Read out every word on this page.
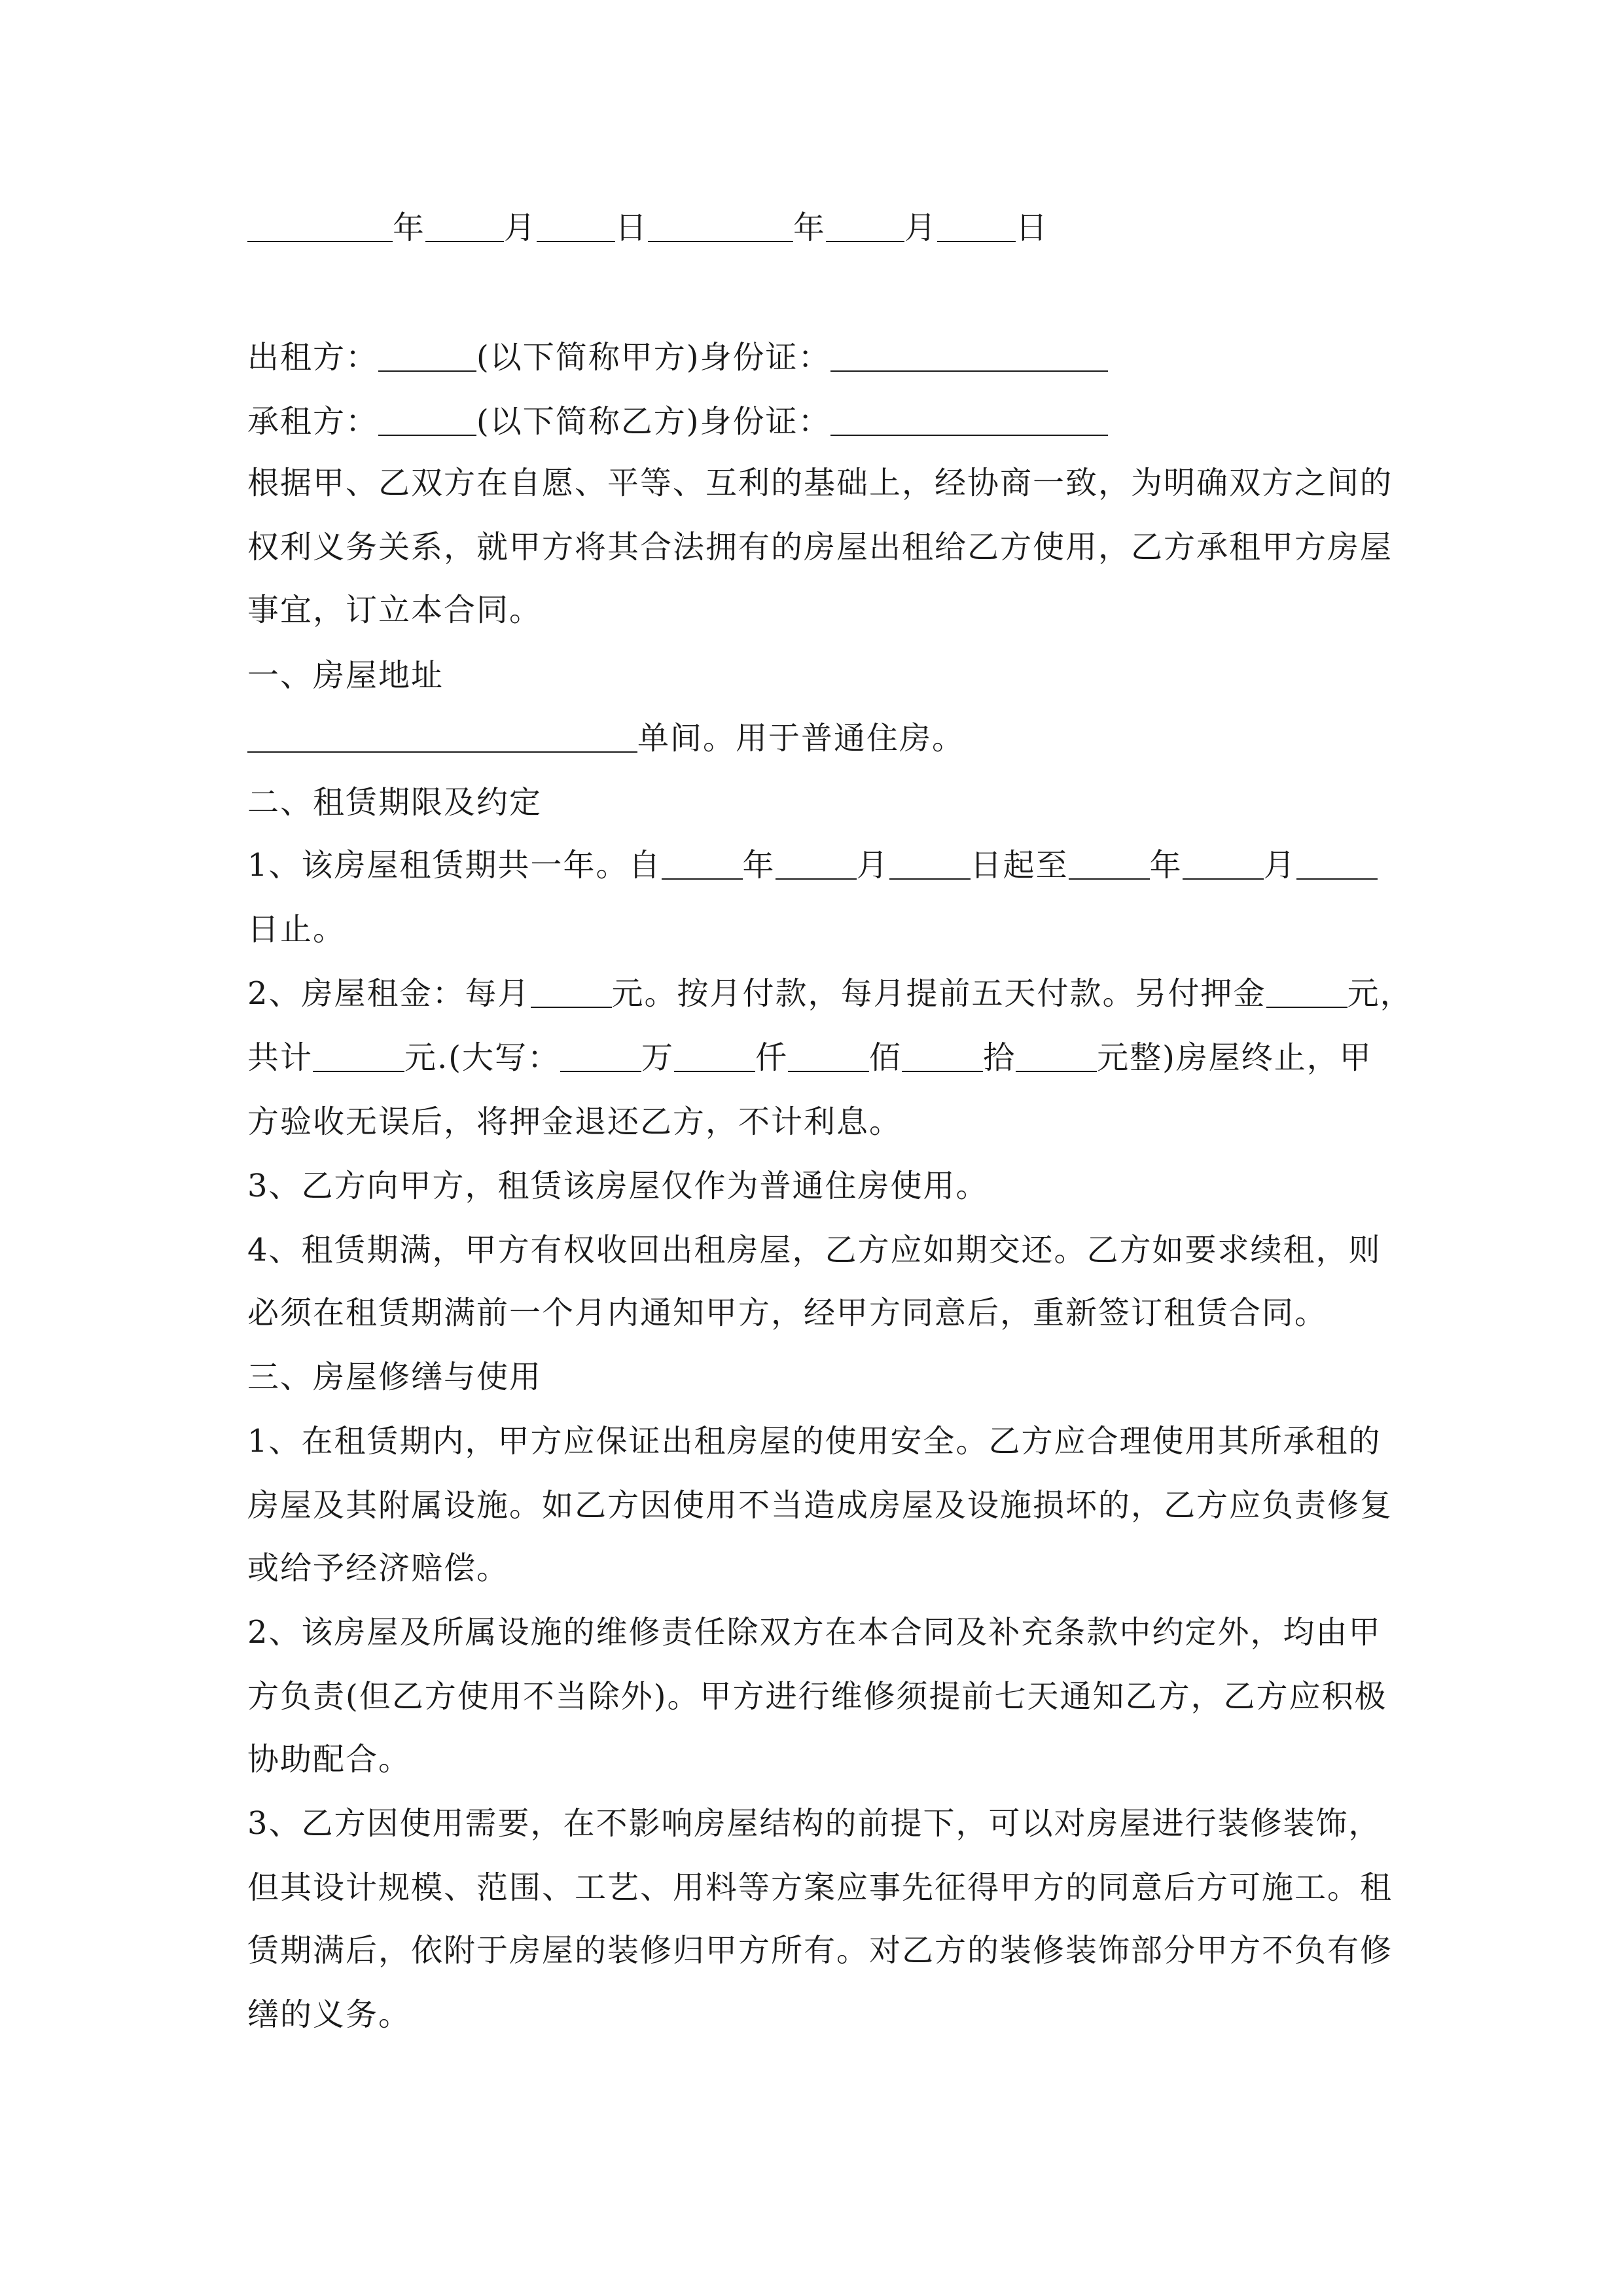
年	月	日	年	月	日
出租方：	(以下简称甲方)身份证：
承租方：	(以下简称乙方)身份证：
根据甲、乙双方在自愿、平等、互利的基础上，经协商一致，为明确双方之间的
权利义务关系，就甲方将其合法拥有的房屋出租给乙方使用，乙方承租甲方房屋
事宜，订立本合同。
一、房屋地址
单间。用于普通住房。
二、租赁期限及约定
1、该房屋租赁期共一年。自	年	月	日起至	年	月
日止。
2、房屋租金：每月	元。按月付款，每月提前五天付款。另付押金	元，
共计	元.(大写：	万	仟	佰	拾	元整)房屋终止，甲
方验收无误后，将押金退还乙方，不计利息。
3、乙方向甲方，租赁该房屋仅作为普通住房使用。
4、租赁期满，甲方有权收回出租房屋，乙方应如期交还。乙方如要求续租，则
必须在租赁期满前一个月内通知甲方，经甲方同意后，重新签订租赁合同。
三、房屋修缮与使用
1、在租赁期内，甲方应保证出租房屋的使用安全。乙方应合理使用其所承租的
房屋及其附属设施。如乙方因使用不当造成房屋及设施损坏的，乙方应负责修复
或给予经济赔偿。
2、该房屋及所属设施的维修责任除双方在本合同及补充条款中约定外，均由甲
方负责(但乙方使用不当除外)。甲方进行维修须提前七天通知乙方，乙方应积极
协助配合。
3、乙方因使用需要，在不影响房屋结构的前提下，可以对房屋进行装修装饰，
但其设计规模、范围、工艺、用料等方案应事先征得甲方的同意后方可施工。租
赁期满后，依附于房屋的装修归甲方所有。对乙方的装修装饰部分甲方不负有修
缮的义务。
